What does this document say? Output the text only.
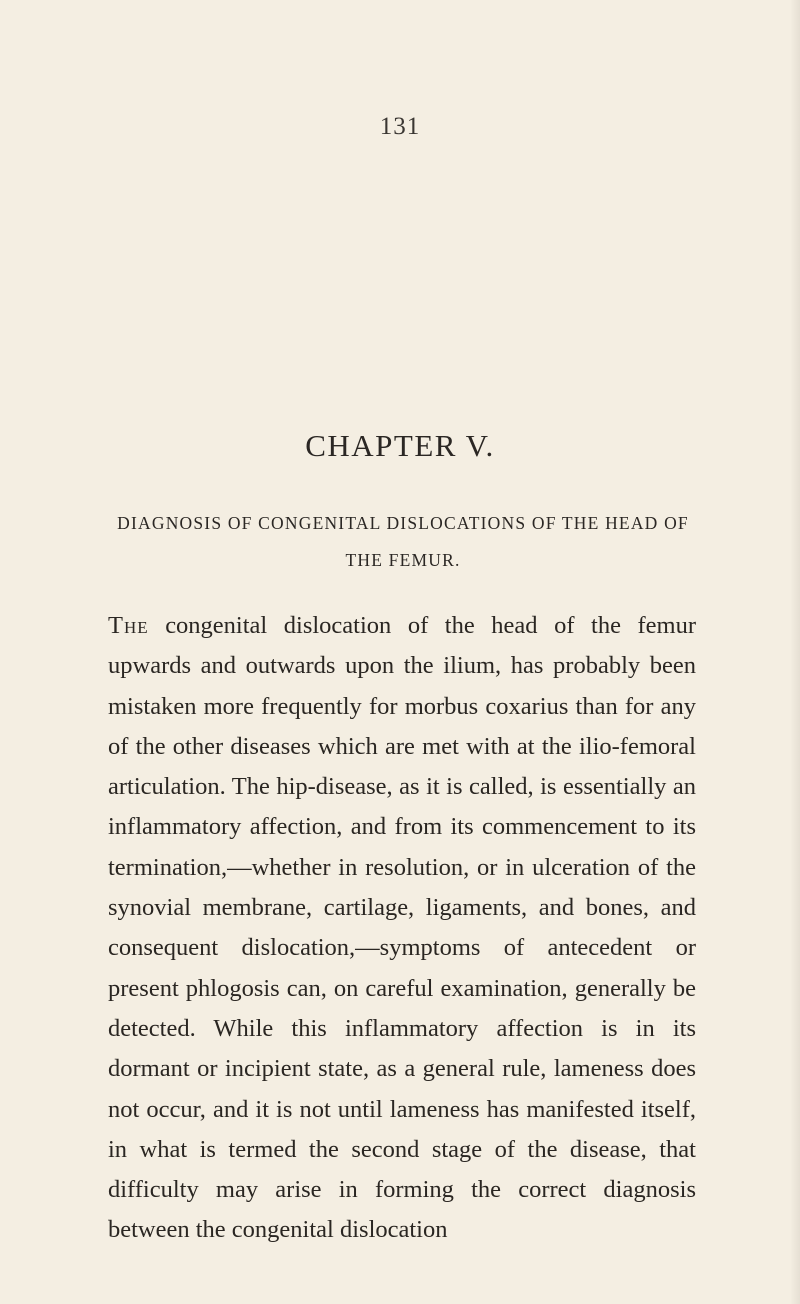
131
CHAPTER V.
DIAGNOSIS OF CONGENITAL DISLOCATIONS OF THE HEAD OF THE FEMUR.
The congenital dislocation of the head of the femur upwards and outwards upon the ilium, has probably been mistaken more frequently for morbus coxarius than for any of the other diseases which are met with at the ilio-femoral articulation. The hip-disease, as it is called, is essentially an inflammatory affection, and from its commencement to its termination,—whether in resolution, or in ulceration of the synovial membrane, cartilage, ligaments, and bones, and consequent dislocation,—symptoms of antecedent or present phlogosis can, on careful examination, generally be detected. While this inflammatory affection is in its dormant or incipient state, as a general rule, lameness does not occur, and it is not until lameness has manifested itself, in what is termed the second stage of the disease, that difficulty may arise in forming the correct diagnosis between the congenital dislocation
